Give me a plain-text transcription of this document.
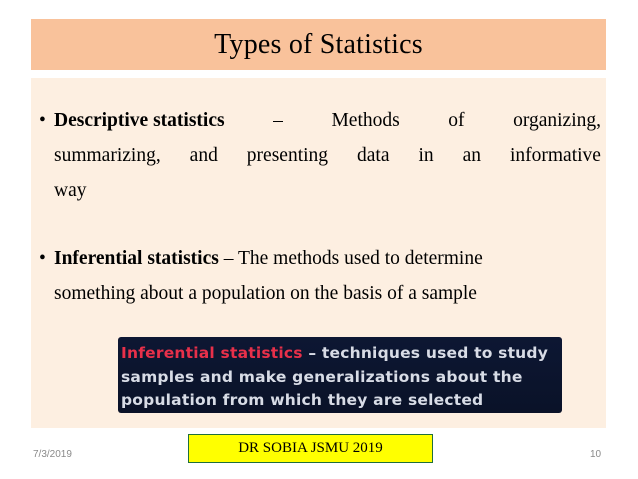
Types of Statistics
• Descriptive statistics – Methods of organizing,
summarizing, and presenting data in an informative
way
• Inferential statistics – The methods used to determine
something about a population on the basis of a sample
Inferential statistics – techniques used to study
samples and make generalizations about the
population from which they are selected
7/3/2019	DR SOBIA JSMU 2019	10
